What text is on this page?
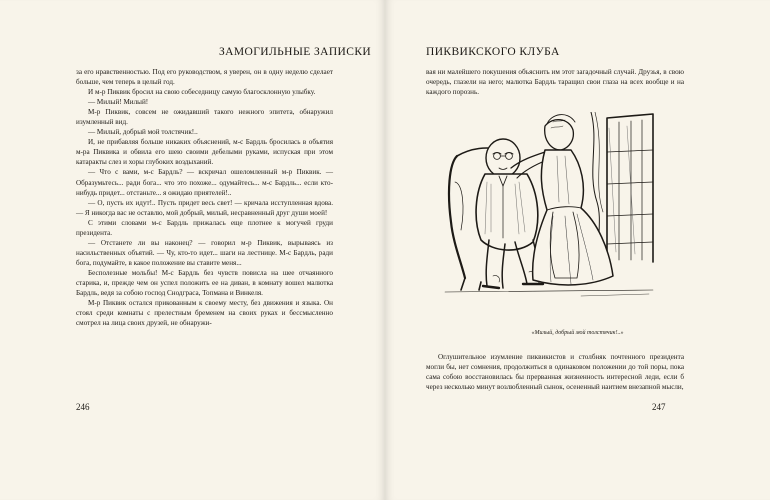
ЗАМОГИЛЬНЫЕ ЗАПИСКИ

за его нравственностью. Под его руководством, я уверен, он в одну неделю сделает больше, чем теперь в целый год.

И м-р Пиквик бросил на свою собеседницу самую благосклонную улыбку.

— Милый! Милый!

М-р Пиквик, совсем не ожидавший такого нежного эпитета, обнаружил изумленный вид.

— Милый, добрый мой толстячик!..

И, не прибавляя больше никаких объяснений, м-с Бардль бросилась в объятия м-ра Пиквика и обвила его шею своими дебелыми руками, испуская при этом катаракты слез и хоры глубоких воздыханий.

— Что с вами, м-с Бардль? — вскричал ошеломленный м-р Пиквик. — Образумьтесь... ради бога... что это похоже... одумайтесь... м-с Бардль... если кто-нибудь придет... отстаньте... я ожидаю приятелей!..

— О, пусть их идут!.. Пусть придет весь свет! — кричала исступленная вдова. — Я никогда вас не оставлю, мой добрый, милый, несравненный друг души моей!

С этими словами м-с Бардль прижалась еще плотнее к могучей груди президента.

— Отстанете ли вы наконец? — говорил м-р Пиквик, вырываясь из насильственных объятий. — Чу, кто-то идет... шаги на лестнице. М-с Бардль, ради бога, подумайте, в какое положение вы ставите меня...

Бесполезные мольбы! М-с Бардль без чувств повисла на шее отчаянного старика, и, прежде чем он успел положить ее на диван, в комнату вошел малютка Бардль, ведя за собою господ Снодграса, Топмана и Винкеля.

М-р Пиквик остался прикованным к своему месту, без движения и языка. Он стоял среди комнаты с прелестным бременем на своих руках и бессмысленно смотрел на лица своих друзей, не обнаружи-

246
ПИКВИКСКОГО КЛУБА

вая ни малейшего покушения объяснить им этот загадочный случай. Друзья, в свою очередь, глазели на него; малютка Бардль таращил свои глаза на всех вообще и на каждого порознь.

«Милый, добрый мой толстячик!..»

Оглушительное изумление пиквикистов и столбняк почтенного президента могли бы, нет сомнения, продолжиться в одинаковом положении до той поры, пока сама собою восстановилась бы прерванная жизненность интересной леди, если б через несколько минут возлюбленный сынок, осененный наитием внезапной мысли,

247
